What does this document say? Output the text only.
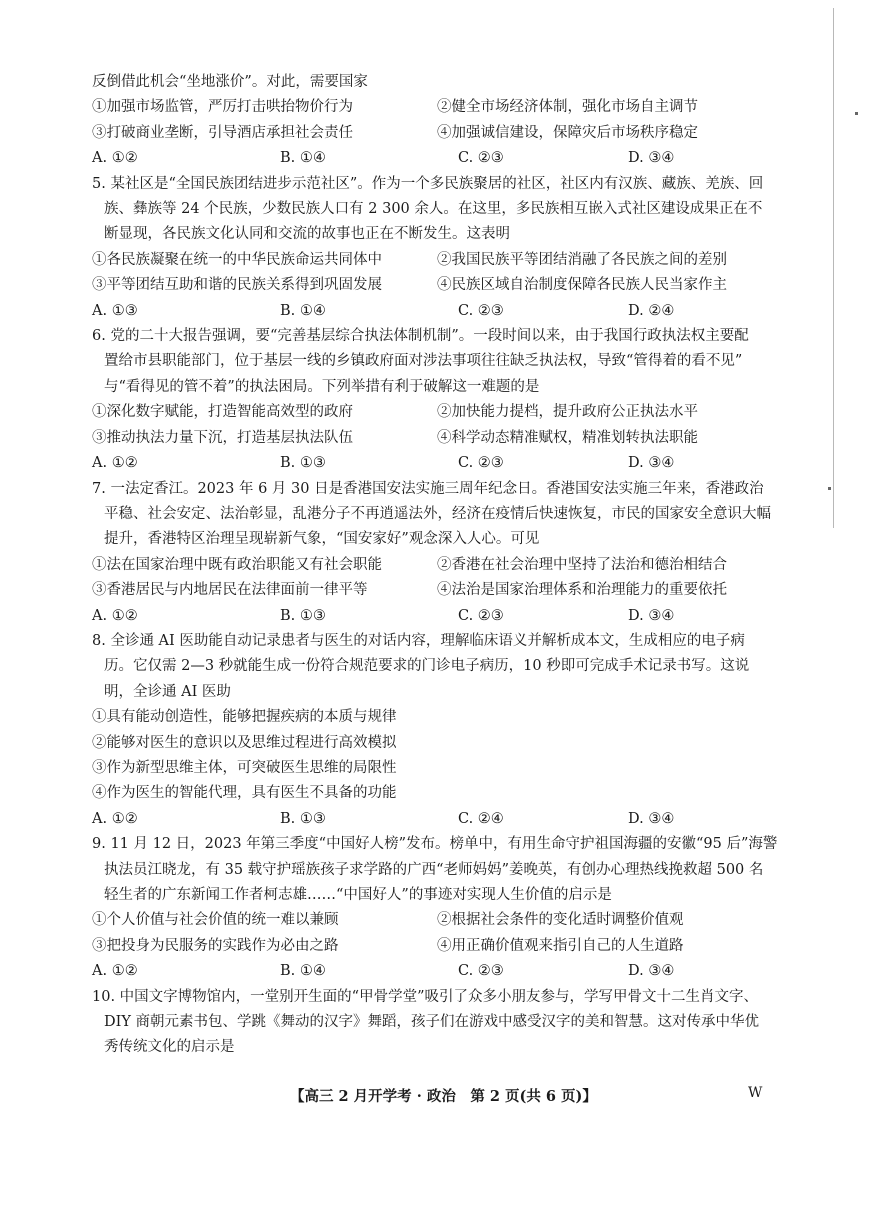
反倒借此机会“坐地涨价”。对此，需要国家
①加强市场监管，严厉打击哄抬物价行为	②健全市场经济体制，强化市场自主调节
③打破商业垄断，引导酒店承担社会责任	④加强诚信建设，保障灾后市场秩序稳定
A. ①②	B. ①④	C. ②③	D. ③④
5. 某社区是“全国民族团结进步示范社区”。作为一个多民族聚居的社区，社区内有汉族、藏族、羌族、回
族、彝族等 24 个民族，少数民族人口有 2 300 余人。在这里，多民族相互嵌入式社区建设成果正在不
断显现，各民族文化认同和交流的故事也正在不断发生。这表明
①各民族凝聚在统一的中华民族命运共同体中	②我国民族平等团结消融了各民族之间的差别
③平等团结互助和谐的民族关系得到巩固发展	④民族区域自治制度保障各民族人民当家作主
A. ①③	B. ①④	C. ②③	D. ②④
6. 党的二十大报告强调，要“完善基层综合执法体制机制”。一段时间以来，由于我国行政执法权主要配
置给市县职能部门，位于基层一线的乡镇政府面对涉法事项往往缺乏执法权，导致“管得着的看不见”
与“看得见的管不着”的执法困局。下列举措有利于破解这一难题的是
①深化数字赋能，打造智能高效型的政府	②加快能力提档，提升政府公正执法水平
③推动执法力量下沉，打造基层执法队伍	④科学动态精准赋权，精准划转执法职能
A. ①②	B. ①③	C. ②③	D. ③④
7. 一法定香江。2023 年 6 月 30 日是香港国安法实施三周年纪念日。香港国安法实施三年来，香港政治
平稳、社会安定、法治彰显，乱港分子不再逍遥法外，经济在疫情后快速恢复，市民的国家安全意识大幅
提升，香港特区治理呈现崭新气象，“国安家好”观念深入人心。可见
①法在国家治理中既有政治职能又有社会职能	②香港在社会治理中坚持了法治和德治相结合
③香港居民与内地居民在法律面前一律平等	④法治是国家治理体系和治理能力的重要依托
A. ①②	B. ①③	C. ②③	D. ③④
8. 全诊通 AI 医助能自动记录患者与医生的对话内容，理解临床语义并解析成本文，生成相应的电子病
历。它仅需 2—3 秒就能生成一份符合规范要求的门诊电子病历，10 秒即可完成手术记录书写。这说
明，全诊通 AI 医助
①具有能动创造性，能够把握疾病的本质与规律
②能够对医生的意识以及思维过程进行高效模拟
③作为新型思维主体，可突破医生思维的局限性
④作为医生的智能代理，具有医生不具备的功能
A. ①②	B. ①③	C. ②④	D. ③④
9. 11 月 12 日，2023 年第三季度“中国好人榜”发布。榜单中，有用生命守护祖国海疆的安徽“95 后”海警
执法员江晓龙，有 35 载守护瑶族孩子求学路的广西“老师妈妈”姜晚英，有创办心理热线挽救超 500 名
轻生者的广东新闻工作者柯志雄……“中国好人”的事迹对实现人生价值的启示是
①个人价值与社会价值的统一难以兼顾	②根据社会条件的变化适时调整价值观
③把投身为民服务的实践作为必由之路	④用正确价值观来指引自己的人生道路
A. ①②	B. ①④	C. ②③	D. ③④
10. 中国文字博物馆内，一堂别开生面的“甲骨学堂”吸引了众多小朋友参与，学写甲骨文十二生肖文字、
DIY 商朝元素书包、学跳《舞动的汉字》舞蹈，孩子们在游戏中感受汉字的美和智慧。这对传承中华优
秀传统文化的启示是
【高三 2 月开学考 · 政治　第 2 页(共 6 页)】	W
